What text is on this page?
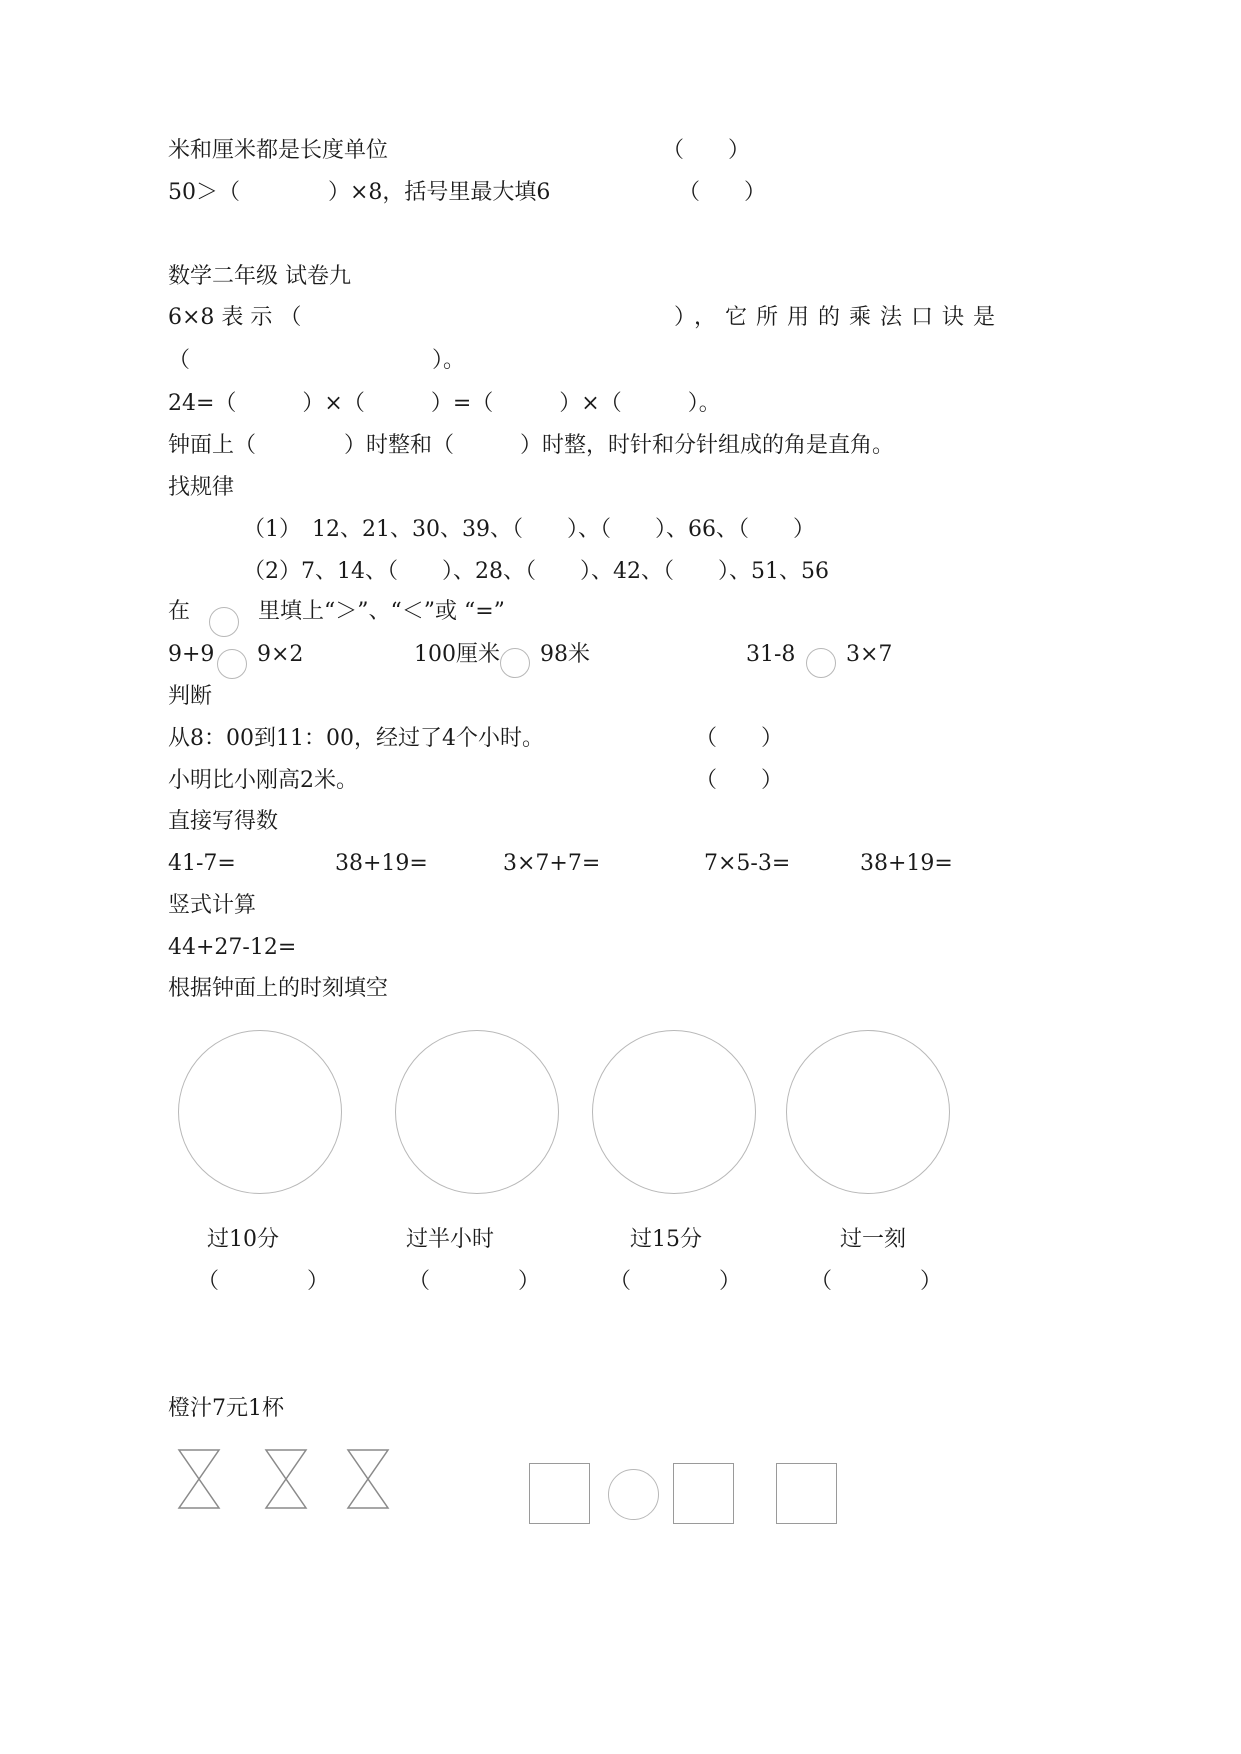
米和厘米都是长度单位	（　　）
50＞（　　　　）×8，括号里最大填6	（　　）
数学二年级 试卷九
6×8 表 示 （	），它所用的乘法口诀是
（　　　　　　　　　　　）。
24=（　　　）×（　　　）=（　　　）×（　　　）。
钟面上（　　　　）时整和（　　　）时整，时针和分针组成的角是直角。
找规律
（1）　12、21、30、39、（　　）、（　　）、66、（　　）
（2）7、14、（　　）、28、（　　）、42、（　　）、51、56
在	里填上“＞”、“＜”或 “=”
9+9 9×2	100厘米 98米	31-8 3×7
判断
从8：00到11：00，经过了4个小时。	（　　）
小明比小刚高2米。	（　　）
直接写得数
41-7=	38+19=	3×7+7=	7×5-3=	38+19=
竖式计算
44+27-12=
根据钟面上的时刻填空
过10分	过半小时	过15分	过一刻
（　　　　）	（　　　　）	（　　　　）	（　　　　）
橙汁7元1杯
